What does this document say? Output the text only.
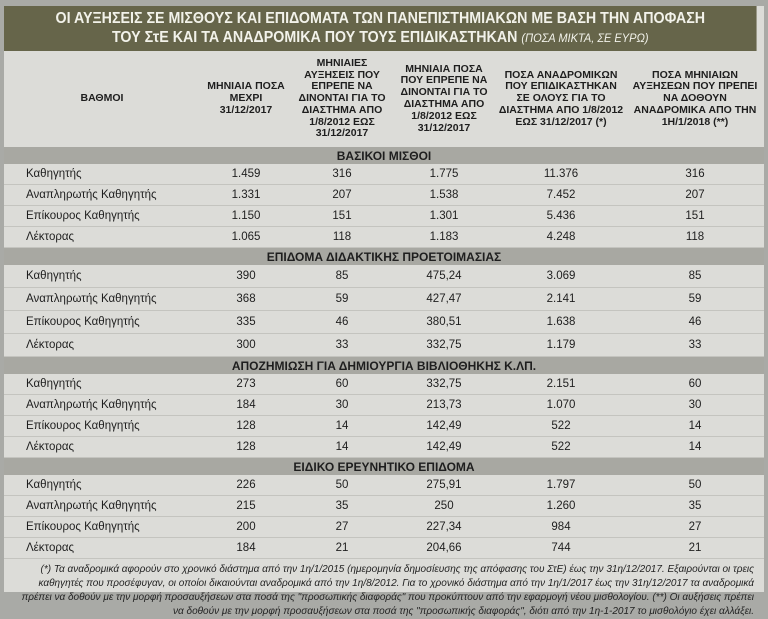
ΟΙ ΑΥΞΗΣΕΙΣ ΣΕ ΜΙΣΘΟΥΣ ΚΑΙ ΕΠΙΔΟΜΑΤΑ ΤΩΝ ΠΑΝΕΠΙΣΤΗΜΙΑΚΩΝ ΜΕ ΒΑΣΗ ΤΗΝ ΑΠΟΦΑΣΗ
ΤΟΥ ΣτΕ ΚΑΙ ΤΑ ΑΝΑΔΡΟΜΙΚΑ ΠΟΥ ΤΟΥΣ ΕΠΙΔΙΚΑΣΤΗΚΑΝ (ΠΟΣΑ ΜΙΚΤΑ, ΣΕ ΕΥΡΩ)
ΒΑΘΜΟΙ	ΜΗΝΙΑΙΑ ΠΟΣΑ ΜΕΧΡΙ 31/12/2017	ΜΗΝΙΑΙΕΣ ΑΥΞΗΣΕΙΣ ΠΟΥ ΕΠΡΕΠΕ ΝΑ ΔΙΝΟΝΤΑΙ ΓΙΑ ΤΟ ΔΙΑΣΤΗΜΑ ΑΠΟ 1/8/2012 ΕΩΣ 31/12/2017	ΜΗΝΙΑΙΑ ΠΟΣΑ ΠΟΥ ΕΠΡΕΠΕ ΝΑ ΔΙΝΟΝΤΑΙ ΓΙΑ ΤΟ ΔΙΑΣΤΗΜΑ ΑΠΟ 1/8/2012 ΕΩΣ 31/12/2017	ΠΟΣΑ ΑΝΑΔΡΟΜΙΚΩΝ ΠΟΥ ΕΠΙΔΙΚΑΣΤΗΚΑΝ ΣΕ ΟΛΟΥΣ ΓΙΑ ΤΟ ΔΙΑΣΤΗΜΑ ΑΠΟ 1/8/2012 ΕΩΣ 31/12/2017 (*)	ΠΟΣΑ ΜΗΝΙΑΙΩΝ ΑΥΞΗΣΕΩΝ ΠΟΥ ΠΡΕΠΕΙ ΝΑ ΔΟΘΟΥΝ ΑΝΑΔΡΟΜΙΚΑ ΑΠΟ ΤΗΝ 1Η/1/2018 (**)
ΒΑΣΙΚΟΙ ΜΙΣΘΟΙ					
Καθηγητής	1.459	316	1.775	11.376	316
Αναπληρωτής Καθηγητής	1.331	207	1.538	7.452	207
Επίκουρος Καθηγητής	1.150	151	1.301	5.436	151
Λέκτορας	1.065	118	1.183	4.248	118
ΕΠΙΔΟΜΑ ΔΙΔΑΚΤΙΚΗΣ ΠΡΟΕΤΟΙΜΑΣΙΑΣ					
Καθηγητής	390	85	475,24	3.069	85
Αναπληρωτής Καθηγητής	368	59	427,47	2.141	59
Επίκουρος Καθηγητής	335	46	380,51	1.638	46
Λέκτορας	300	33	332,75	1.179	33
ΑΠΟΖΗΜΙΩΣΗ ΓΙΑ ΔΗΜΙΟΥΡΓΙΑ ΒΙΒΛΙΟΘΗΚΗΣ Κ.ΛΠ.					
Καθηγητής	273	60	332,75	2.151	60
Αναπληρωτής Καθηγητής	184	30	213,73	1.070	30
Επίκουρος Καθηγητής	128	14	142,49	522	14
Λέκτορας	128	14	142,49	522	14
ΕΙΔΙΚΟ ΕΡΕΥΝΗΤΙΚΟ ΕΠΙΔΟΜΑ					
Καθηγητής	226	50	275,91	1.797	50
Αναπληρωτής Καθηγητής	215	35	250	1.260	35
Επίκουρος Καθηγητής	200	27	227,34	984	27
Λέκτορας	184	21	204,66	744	21
(*) Τα αναδρομικά αφορούν στο χρονικό διάστημα από την 1η/1/2015 (ημερομηνία δημοσίευσης της απόφασης του ΣτΕ) έως την 31η/12/2017. Εξαιρούνται οι τρεις καθηγητές που προσέφυγαν, οι οποίοι δικαιούνται αναδρομικά από την 1η/8/2012. Για το χρονικό διάστημα από την 1η/1/2017 έως την 31η/12/2017 τα αναδρομικά πρέπει να δοθούν με την μορφή προσαυξήσεων στα ποσά της "προσωπικής διαφοράς" που προκύπτουν από την εφαρμογή νέου μισθολογίου. (**) Οι αυξήσεις πρέπει να δοθούν με την μορφή προσαυξήσεων στα ποσά της "προσωπικής διαφοράς", διότι από την 1η-1-2017 το μισθολόγιο έχει αλλάξει.
